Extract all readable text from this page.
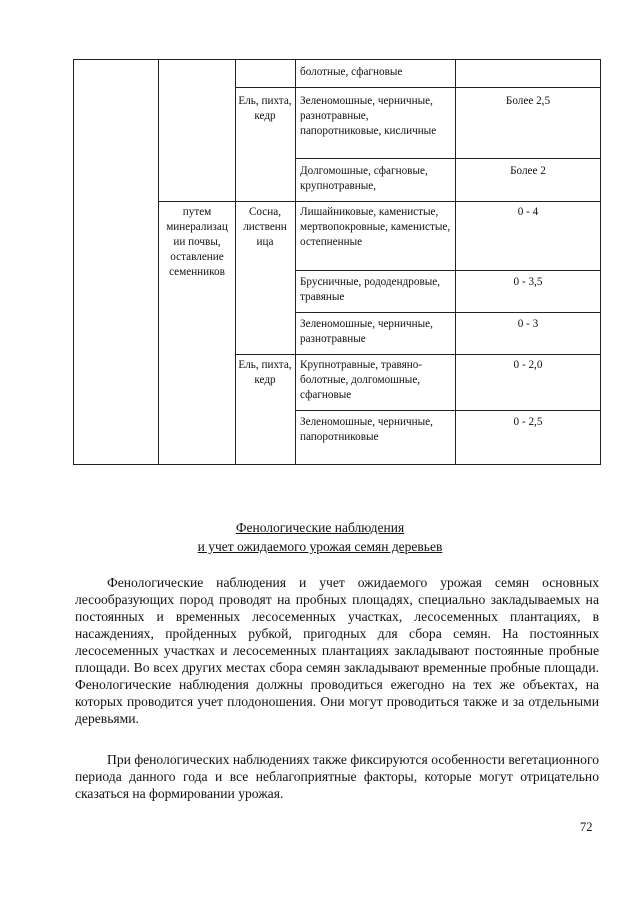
путем минерализац ии почвы, оставление семенников
Ель, пихта, кедр
Сосна, лиственн ица
Ель, пихта, кедр
болотные, сфагновые
Зеленомошные, черничные, разнотравные, папоротниковые, кисличные
Долгомошные, сфагновые, крупнотравные,
Лишайниковые, каменистые, мертвопокровные, каменистые, остепненные
Брусничные, рододендровые, травяные
Зеленомошные, черничные, разнотравные
Крупнотравные, травяно-болотные, долгомошные, сфагновые
Зеленомошные, черничные, папоротниковые
Более 2,5
Более 2
0 - 4
0 - 3,5
0 - 3
0 - 2,0
0 - 2,5
Фенологические наблюдения
и учет ожидаемого урожая семян деревьев
Фенологические наблюдения и учет ожидаемого урожая семян основных лесообразующих пород проводят на пробных площадях, специально закладываемых на постоянных и временных лесосеменных участках, лесосеменных плантациях, в насаждениях, пройденных рубкой, пригодных для сбора семян. На постоянных лесосеменных участках и лесосеменных плантациях закладывают постоянные пробные площади. Во всех других местах сбора семян закладывают временные пробные площади. Фенологические наблюдения должны проводиться ежегодно на тех же объектах, на которых проводится учет плодоношения. Они могут проводиться также и за отдельными деревьями.
При фенологических наблюдениях также фиксируются особенности вегетационного периода данного года и все неблагоприятные факторы, которые могут отрицательно сказаться на формировании урожая.
72
